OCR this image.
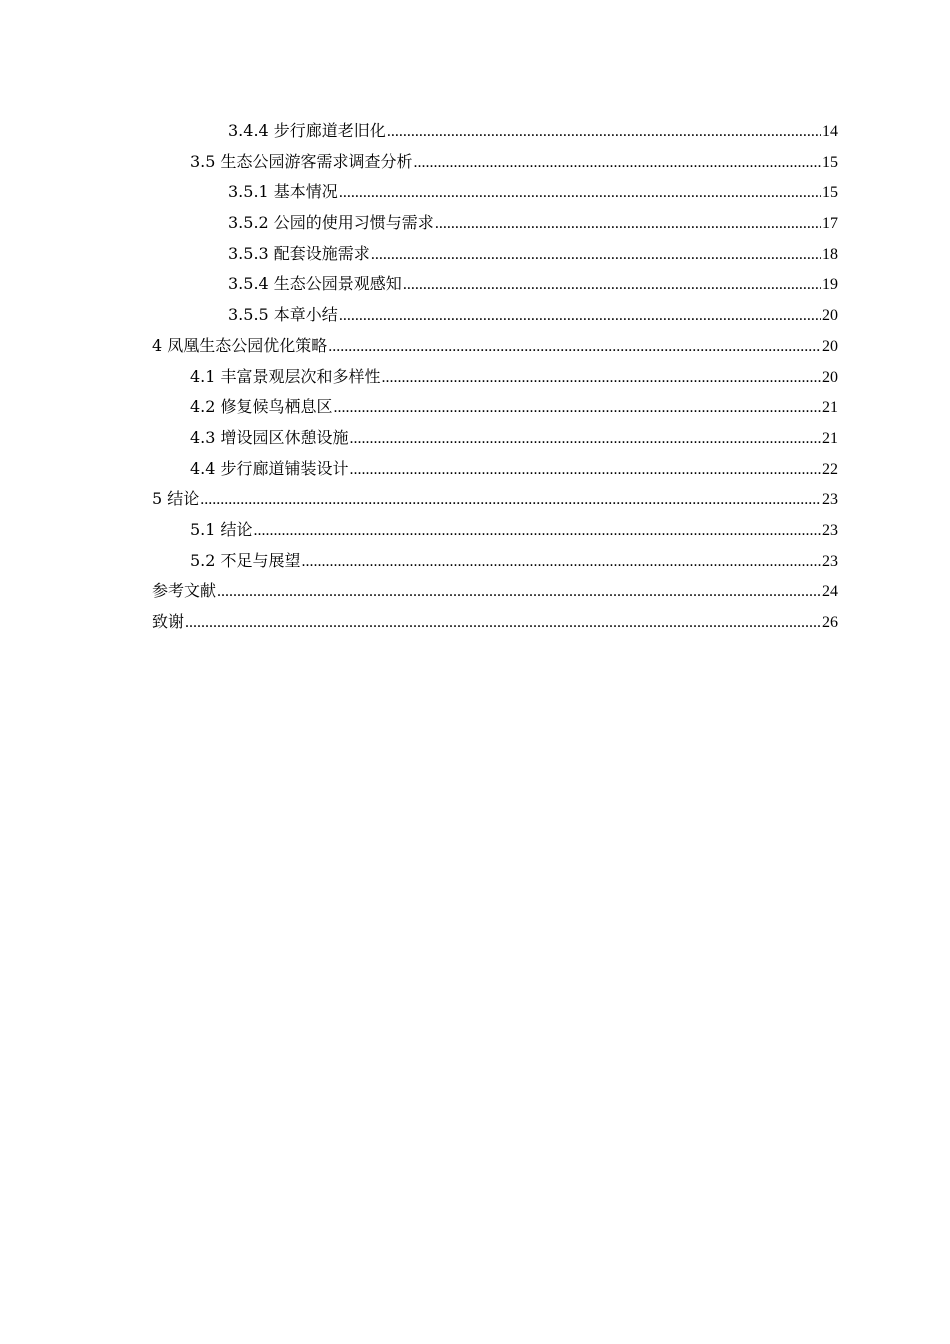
3.4.4 步行廊道老旧化 .....	14
3.5 生态公园游客需求调查分析 .....	15
3.5.1 基本情况 .....	15
3.5.2 公园的使用习惯与需求 .....	17
3.5.3 配套设施需求 .....	18
3.5.4 生态公园景观感知 .....	19
3.5.5 本章小结 .....	20
4 凤凰生态公园优化策略 .....	20
4.1 丰富景观层次和多样性 .....	20
4.2 修复候鸟栖息区 .....	21
4.3 增设园区休憩设施 .....	21
4.4 步行廊道铺装设计 .....	22
5 结论 .....	23
5.1 结论 .....	23
5.2 不足与展望 .....	23
参考文献 .....	24
致谢 .....	26
